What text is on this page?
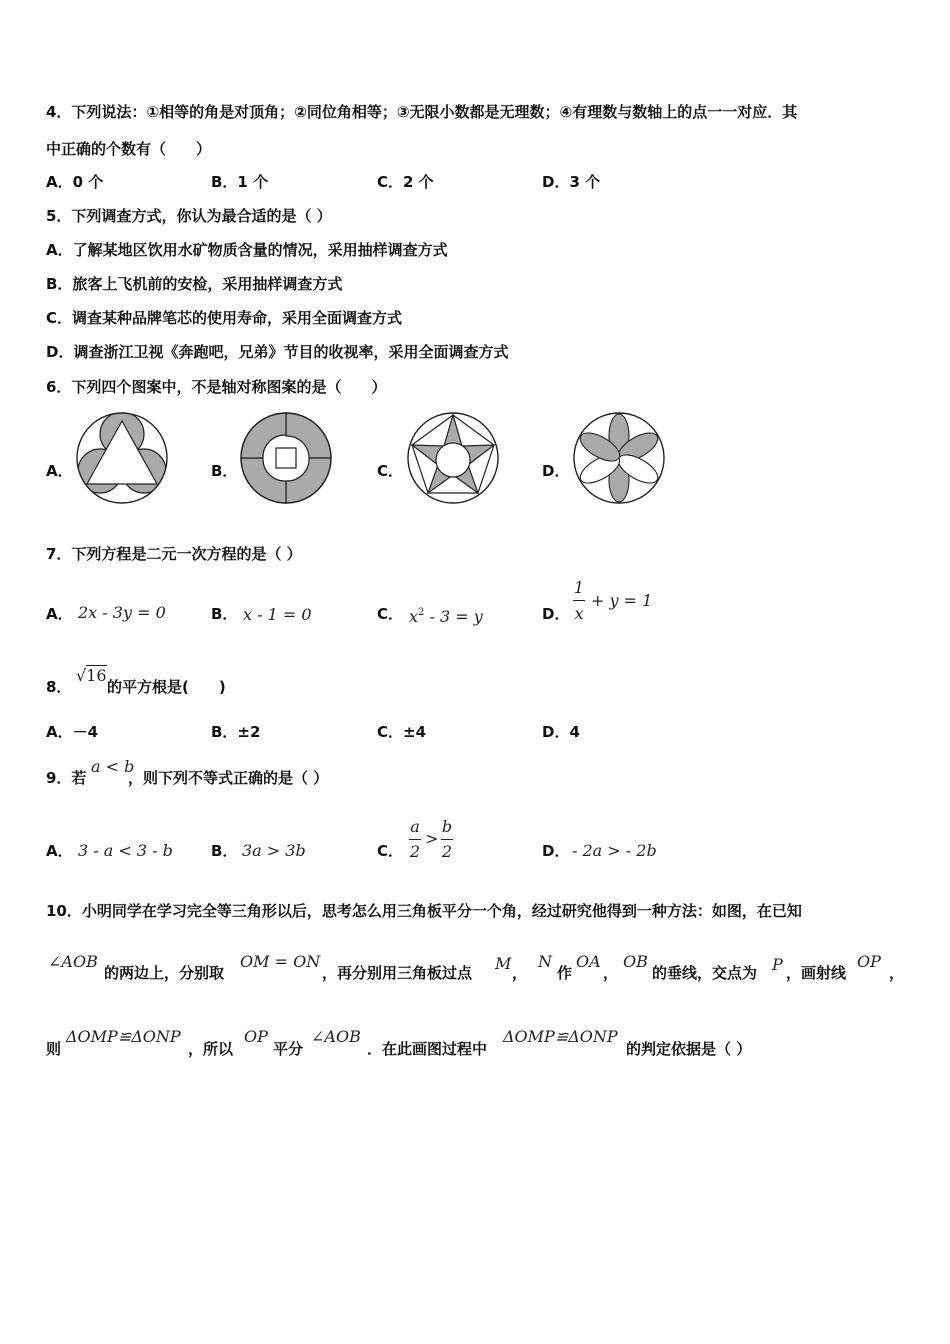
4．下列说法：①相等的角是对顶角；②同位角相等；③无限小数都是无理数；④有理数与数轴上的点一一对应．其
中正确的个数有（　　）
A．0 个	B．1 个	C．2 个	D．3 个
5．下列调查方式，你认为最合适的是（ ）
A．了解某地区饮用水矿物质含量的情况，采用抽样调查方式
B．旅客上飞机前的安检，采用抽样调查方式
C．调查某种品牌笔芯的使用寿命，采用全面调查方式
D．调查浙江卫视《奔跑吧，兄弟》节目的收视率，采用全面调查方式
6．下列四个图案中，不是轴对称图案的是（　　）
A．	B．	C．	D．
7．下列方程是二元一次方程的是（ ）
A． 2x - 3y = 0	B． x - 1 = 0	C． $x^2 - 3 = y$	D．
1
x
+ y = 1
8．
√16
的平方根是(　　)
A．－4	B．±2	C．±4	D．4
9．若
a < b
，则下列不等式正确的是（ ）
A． 3 - a < 3 - b	B． 3a > 3b	C．
a
2
>
b
2	D． - 2a > - 2b
10．小明同学在学习完全等三角形以后，思考怎么用三角板平分一个角，经过研究他得到一种方法：如图，在已知
∠AOB
的两边上，分别取
OM = ON
，再分别用三角板过点 M ，
N
作
OA
，
OB
的垂线，交点为 P ，画射线
OP
，
则
ΔOMP≌ΔONP
，所以
OP
平分
∠AOB
．在此画图过程中
ΔOMP≌ΔONP
的判定依据是（ ）
